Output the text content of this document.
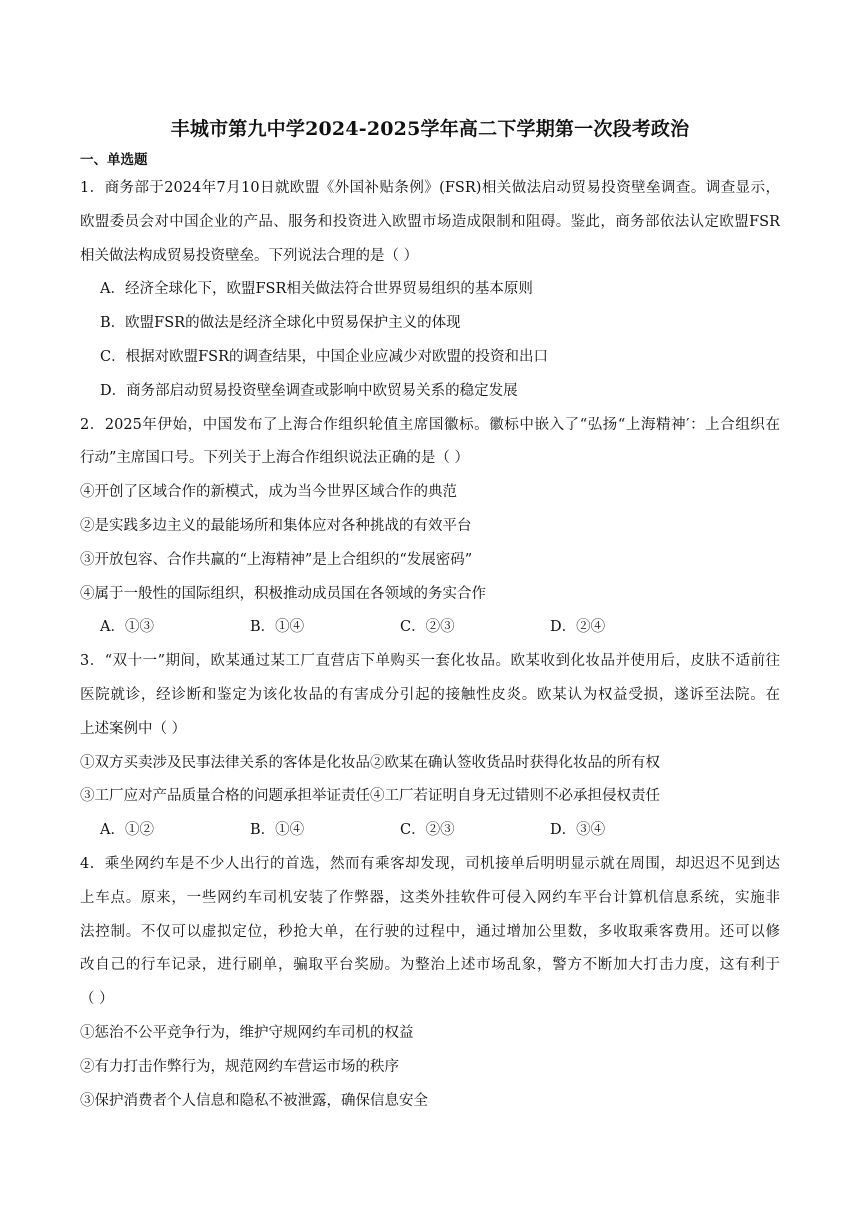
丰城市第九中学2024-2025学年高二下学期第一次段考政治
一、单选题
1．商务部于2024年7月10日就欧盟《外国补贴条例》(FSR)相关做法启动贸易投资壁垒调查。调查显示，
欧盟委员会对中国企业的产品、服务和投资进入欧盟市场造成限制和阻碍。鉴此，商务部依法认定欧盟FSR
相关做法构成贸易投资壁垒。下列说法合理的是（ ）
A．经济全球化下，欧盟FSR相关做法符合世界贸易组织的基本原则
B．欧盟FSR的做法是经济全球化中贸易保护主义的体现
C．根据对欧盟FSR的调查结果，中国企业应减少对欧盟的投资和出口
D．商务部启动贸易投资壁垒调查或影响中欧贸易关系的稳定发展
2．2025年伊始，中国发布了上海合作组织轮值主席国徽标。徽标中嵌入了“弘扬“上海精神′：上合组织在
行动”主席国口号。下列关于上海合作组织说法正确的是（ ）
④开创了区域合作的新模式，成为当今世界区域合作的典范
②是实践多边主义的最能场所和集体应对各种挑战的有效平台
③开放包容、合作共赢的“上海精神”是上合组织的“发展密码”
④属于一般性的国际组织，积极推动成员国在各领域的务实合作
A．①③	B．①④	C．②③	D．②④
3．“双十一”期间，欧某通过某工厂直营店下单购买一套化妆品。欧某收到化妆品并使用后，皮肤不适前往
医院就诊，经诊断和鉴定为该化妆品的有害成分引起的接触性皮炎。欧某认为权益受损，遂诉至法院。在
上述案例中（ ）
①双方买卖涉及民事法律关系的客体是化妆品②欧某在确认签收货品时获得化妆品的所有权
③工厂应对产品质量合格的问题承担举证责任④工厂若证明自身无过错则不必承担侵权责任
A．①②	B．①④	C．②③	D．③④
4．乘坐网约车是不少人出行的首选，然而有乘客却发现，司机接单后明明显示就在周围，却迟迟不见到达
上车点。原来，一些网约车司机安装了作弊器，这类外挂软件可侵入网约车平台计算机信息系统，实施非
法控制。不仅可以虚拟定位，秒抢大单，在行驶的过程中，通过增加公里数，多收取乘客费用。还可以修
改自己的行车记录，进行刷单，骗取平台奖励。为整治上述市场乱象，警方不断加大打击力度，这有利于
（ ）
①惩治不公平竞争行为，维护守规网约车司机的权益
②有力打击作弊行为，规范网约车营运市场的秩序
③保护消费者个人信息和隐私不被泄露，确保信息安全
